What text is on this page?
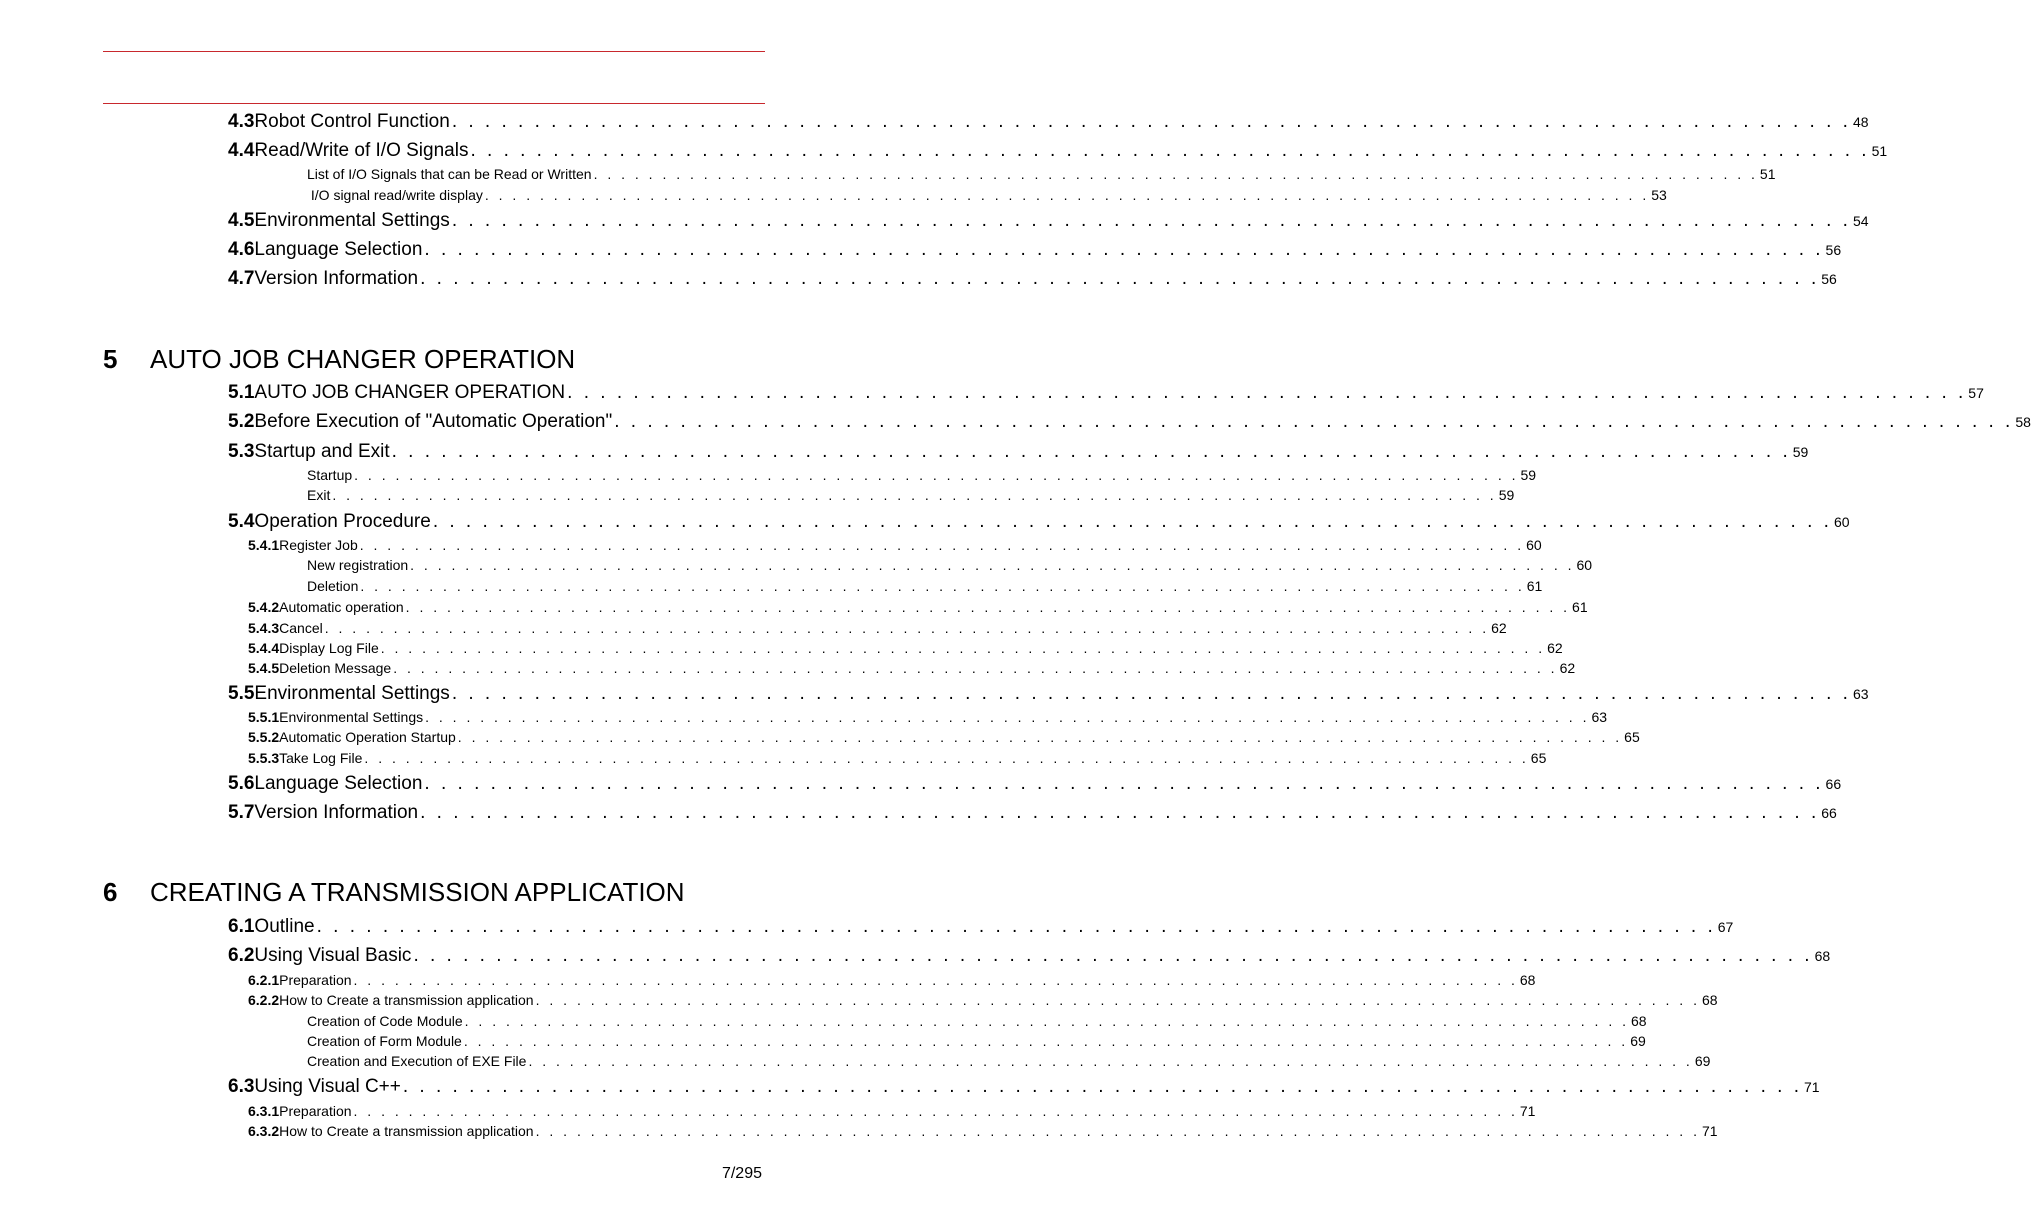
4.3 Robot Control Function . . . . . . . . . . . . . . . . . . . . . . . . . . . . . . . . . . . . . . . . . . . . . . . . . . . . . . . . . . . . . . . . . . . . . . . . . . . . . . . . . . . . . 48
4.4 Read/Write of I/O Signals . . . . . . . . . . . . . . . . . . . . . . . . . . . . . . . . . . . . . . . . . . . . . . . . . . . . . . . . . . . . . . . . . . . . . . . . . . . . . . . . . . . . . 51
List of I/O Signals that can be Read or Written . . . . . . . . . . . . . . . . . . . . . . . . . . . . . . . . . . . . . . . . . . . . . . . . . . . . . . . . . . . . . . . . . . . . . . . . . . . . . . . . . . . . . 51
I/O signal read/write display . . . . . . . . . . . . . . . . . . . . . . . . . . . . . . . . . . . . . . . . . . . . . . . . . . . . . . . . . . . . . . . . . . . . . . . . . . . . . . . . . . . . . 53
4.5 Environmental Settings . . . . . . . . . . . . . . . . . . . . . . . . . . . . . . . . . . . . . . . . . . . . . . . . . . . . . . . . . . . . . . . . . . . . . . . . . . . . . . . . . . . . . 54
4.6 Language Selection . . . . . . . . . . . . . . . . . . . . . . . . . . . . . . . . . . . . . . . . . . . . . . . . . . . . . . . . . . . . . . . . . . . . . . . . . . . . . . . . . . . . . 56
4.7 Version Information . . . . . . . . . . . . . . . . . . . . . . . . . . . . . . . . . . . . . . . . . . . . . . . . . . . . . . . . . . . . . . . . . . . . . . . . . . . . . . . . . . . . . 56
5	AUTO JOB CHANGER OPERATION
5.1 AUTO JOB CHANGER OPERATION . . . . . . . . . . . . . . . . . . . . . . . . . . . . . . . . . . . . . . . . . . . . . . . . . . . . . . . . . . . . . . . . . . . . . . . . . . . . . . . . . . . . . 57
5.2 Before Execution of "Automatic Operation" . . . . . . . . . . . . . . . . . . . . . . . . . . . . . . . . . . . . . . . . . . . . . . . . . . . . . . . . . . . . . . . . . . . . . . . . . . . . . . . . . . . . . 58
5.3 Startup and Exit . . . . . . . . . . . . . . . . . . . . . . . . . . . . . . . . . . . . . . . . . . . . . . . . . . . . . . . . . . . . . . . . . . . . . . . . . . . . . . . . . . . . . 59
Startup . . . . . . . . . . . . . . . . . . . . . . . . . . . . . . . . . . . . . . . . . . . . . . . . . . . . . . . . . . . . . . . . . . . . . . . . . . . . . . . . . . . . . 59
Exit . . . . . . . . . . . . . . . . . . . . . . . . . . . . . . . . . . . . . . . . . . . . . . . . . . . . . . . . . . . . . . . . . . . . . . . . . . . . . . . . . . . . . 59
5.4 Operation Procedure . . . . . . . . . . . . . . . . . . . . . . . . . . . . . . . . . . . . . . . . . . . . . . . . . . . . . . . . . . . . . . . . . . . . . . . . . . . . . . . . . . . . . 60
5.4.1 Register Job . . . . . . . . . . . . . . . . . . . . . . . . . . . . . . . . . . . . . . . . . . . . . . . . . . . . . . . . . . . . . . . . . . . . . . . . . . . . . . . . . . . . . 60
New registration . . . . . . . . . . . . . . . . . . . . . . . . . . . . . . . . . . . . . . . . . . . . . . . . . . . . . . . . . . . . . . . . . . . . . . . . . . . . . . . . . . . . . 60
Deletion . . . . . . . . . . . . . . . . . . . . . . . . . . . . . . . . . . . . . . . . . . . . . . . . . . . . . . . . . . . . . . . . . . . . . . . . . . . . . . . . . . . . . 61
5.4.2 Automatic operation . . . . . . . . . . . . . . . . . . . . . . . . . . . . . . . . . . . . . . . . . . . . . . . . . . . . . . . . . . . . . . . . . . . . . . . . . . . . . . . . . . . . . 61
5.4.3 Cancel . . . . . . . . . . . . . . . . . . . . . . . . . . . . . . . . . . . . . . . . . . . . . . . . . . . . . . . . . . . . . . . . . . . . . . . . . . . . . . . . . . . . . 62
5.4.4 Display Log File . . . . . . . . . . . . . . . . . . . . . . . . . . . . . . . . . . . . . . . . . . . . . . . . . . . . . . . . . . . . . . . . . . . . . . . . . . . . . . . . . . . . . 62
5.4.5 Deletion Message . . . . . . . . . . . . . . . . . . . . . . . . . . . . . . . . . . . . . . . . . . . . . . . . . . . . . . . . . . . . . . . . . . . . . . . . . . . . . . . . . . . . . 62
5.5 Environmental Settings . . . . . . . . . . . . . . . . . . . . . . . . . . . . . . . . . . . . . . . . . . . . . . . . . . . . . . . . . . . . . . . . . . . . . . . . . . . . . . . . . . . . . 63
5.5.1 Environmental Settings . . . . . . . . . . . . . . . . . . . . . . . . . . . . . . . . . . . . . . . . . . . . . . . . . . . . . . . . . . . . . . . . . . . . . . . . . . . . . . . . . . . . . 63
5.5.2 Automatic Operation Startup . . . . . . . . . . . . . . . . . . . . . . . . . . . . . . . . . . . . . . . . . . . . . . . . . . . . . . . . . . . . . . . . . . . . . . . . . . . . . . . . . . . . . 65
5.5.3 Take Log File . . . . . . . . . . . . . . . . . . . . . . . . . . . . . . . . . . . . . . . . . . . . . . . . . . . . . . . . . . . . . . . . . . . . . . . . . . . . . . . . . . . . . 65
5.6 Language Selection . . . . . . . . . . . . . . . . . . . . . . . . . . . . . . . . . . . . . . . . . . . . . . . . . . . . . . . . . . . . . . . . . . . . . . . . . . . . . . . . . . . . . 66
5.7 Version Information . . . . . . . . . . . . . . . . . . . . . . . . . . . . . . . . . . . . . . . . . . . . . . . . . . . . . . . . . . . . . . . . . . . . . . . . . . . . . . . . . . . . . 66
6	CREATING A TRANSMISSION APPLICATION
6.1 Outline . . . . . . . . . . . . . . . . . . . . . . . . . . . . . . . . . . . . . . . . . . . . . . . . . . . . . . . . . . . . . . . . . . . . . . . . . . . . . . . . . . . . . 67
6.2 Using Visual Basic . . . . . . . . . . . . . . . . . . . . . . . . . . . . . . . . . . . . . . . . . . . . . . . . . . . . . . . . . . . . . . . . . . . . . . . . . . . . . . . . . . . . . 68
6.2.1 Preparation . . . . . . . . . . . . . . . . . . . . . . . . . . . . . . . . . . . . . . . . . . . . . . . . . . . . . . . . . . . . . . . . . . . . . . . . . . . . . . . . . . . . . 68
6.2.2 How to Create a transmission application . . . . . . . . . . . . . . . . . . . . . . . . . . . . . . . . . . . . . . . . . . . . . . . . . . . . . . . . . . . . . . . . . . . . . . . . . . . . . . . . . . . . . 68
Creation of Code Module . . . . . . . . . . . . . . . . . . . . . . . . . . . . . . . . . . . . . . . . . . . . . . . . . . . . . . . . . . . . . . . . . . . . . . . . . . . . . . . . . . . . . 68
Creation of Form Module . . . . . . . . . . . . . . . . . . . . . . . . . . . . . . . . . . . . . . . . . . . . . . . . . . . . . . . . . . . . . . . . . . . . . . . . . . . . . . . . . . . . . 69
Creation and Execution of EXE File . . . . . . . . . . . . . . . . . . . . . . . . . . . . . . . . . . . . . . . . . . . . . . . . . . . . . . . . . . . . . . . . . . . . . . . . . . . . . . . . . . . . . 69
6.3 Using Visual C++ . . . . . . . . . . . . . . . . . . . . . . . . . . . . . . . . . . . . . . . . . . . . . . . . . . . . . . . . . . . . . . . . . . . . . . . . . . . . . . . . . . . . . 71
6.3.1 Preparation . . . . . . . . . . . . . . . . . . . . . . . . . . . . . . . . . . . . . . . . . . . . . . . . . . . . . . . . . . . . . . . . . . . . . . . . . . . . . . . . . . . . . 71
6.3.2 How to Create a transmission application . . . . . . . . . . . . . . . . . . . . . . . . . . . . . . . . . . . . . . . . . . . . . . . . . . . . . . . . . . . . . . . . . . . . . . . . . . . . . . . . . . . . . 71
7/295
